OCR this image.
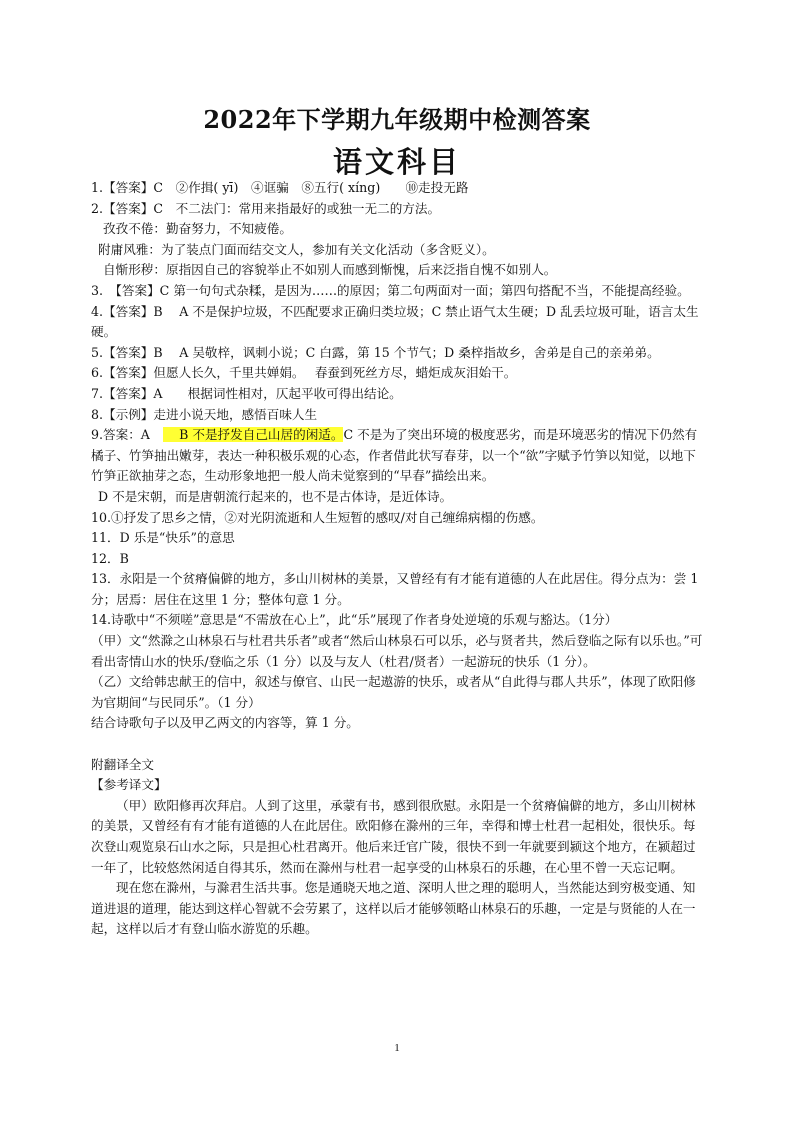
2022年下学期九年级期中检测答案
语文科目

1.【答案】C　②作揖( yī)　④诓骗　⑧五行( xíng)　　⑩走投无路

2.【答案】C　不二法门：常用来指最好的或独一无二的方法。

孜孜不倦：勤奋努力，不知疲倦。

附庸风雅：为了装点门面而结交文人，参加有关文化活动（多含贬义）。

自惭形秽：原指因自己的容貌举止不如别人而感到惭愧，后来泛指自愧不如别人。

3.　【答案】C 第一句句式杂糅，是因为……的原因；第二句两面对一面；第四句搭配不当，不能提高经验。

4.【答案】B　 A 不是保护垃圾，不匹配要求正确归类垃圾；C 禁止语气太生硬；D 乱丢垃圾可耻，语言太生硬。

5.【答案】B　 A 吴敬梓，讽刺小说；C 白露，第 15 个节气；D 桑梓指故乡，舍弟是自己的亲弟弟。

6.【答案】但愿人长久，千里共婵娟。　 春蚕到死丝方尽，蜡炬成灰泪始干。

7.【答案】A　　根据词性相对，仄起平收可得出结论。

8.【示例】走进小说天地，感悟百味人生

9.答案：A　 　B 不是抒发自己山居的闲适。C 不是为了突出环境的极度恶劣，而是环境恶劣的情况下仍然有橘子、竹笋抽出嫩芽，表达一种积极乐观的心态，作者借此状写春芽，以一个“欲”字赋予竹笋以知觉，以地下竹笋正欲抽芽之态，生动形象地把一般人尚未觉察到的“早春”描绘出来。

D 不是宋朝，而是唐朝流行起来的，也不是古体诗，是近体诗。

10.①抒发了思乡之情，②对光阴流逝和人生短暂的感叹/对自己缠绵病榻的伤感。

11．D 乐是“快乐”的意思

12．B

13．永阳是一个贫瘠偏僻的地方，多山川树林的美景，又曾经有有才能有道德的人在此居住。得分点为：尝 1 分；居焉：居住在这里 1 分；整体句意 1 分。

14.诗歌中“不须嗟”意思是“不需放在心上”，此“乐”展现了作者身处逆境的乐观与豁达。（1分）

（甲）文“然滁之山林泉石与杜君共乐者”或者“然后山林泉石可以乐，必与贤者共，然后登临之际有以乐也。”可看出寄情山水的快乐/登临之乐（1 分）以及与友人（杜君/贤者）一起游玩的快乐（1 分）。

（乙）文给韩忠献王的信中，叙述与僚官、山民一起遨游的快乐，或者从“自此得与郡人共乐”，体现了欧阳修为官期间“与民同乐”。（1 分）

结合诗歌句子以及甲乙两文的内容等，算 1 分。

附翻译全文

【参考译文】

（甲）欧阳修再次拜启。人到了这里，承蒙有书，感到很欣慰。永阳是一个贫瘠偏僻的地方，多山川树林的美景，又曾经有有才能有道德的人在此居住。欧阳修在滁州的三年，幸得和博士杜君一起相处，很快乐。每次登山观览泉石山水之际，只是担心杜君离开。他后来迁官广陵，很快不到一年就要到颍这个地方，在颍超过一年了，比较悠然闲适自得其乐，然而在滁州与杜君一起享受的山林泉石的乐趣，在心里不曾一天忘记啊。

现在您在滁州，与滁君生活共事。您是通晓天地之道、深明人世之理的聪明人，当然能达到穷极变通、知道进退的道理，能达到这样心智就不会劳累了，这样以后才能够领略山林泉石的乐趣，一定是与贤能的人在一起，这样以后才有登山临水游览的乐趣。

1
